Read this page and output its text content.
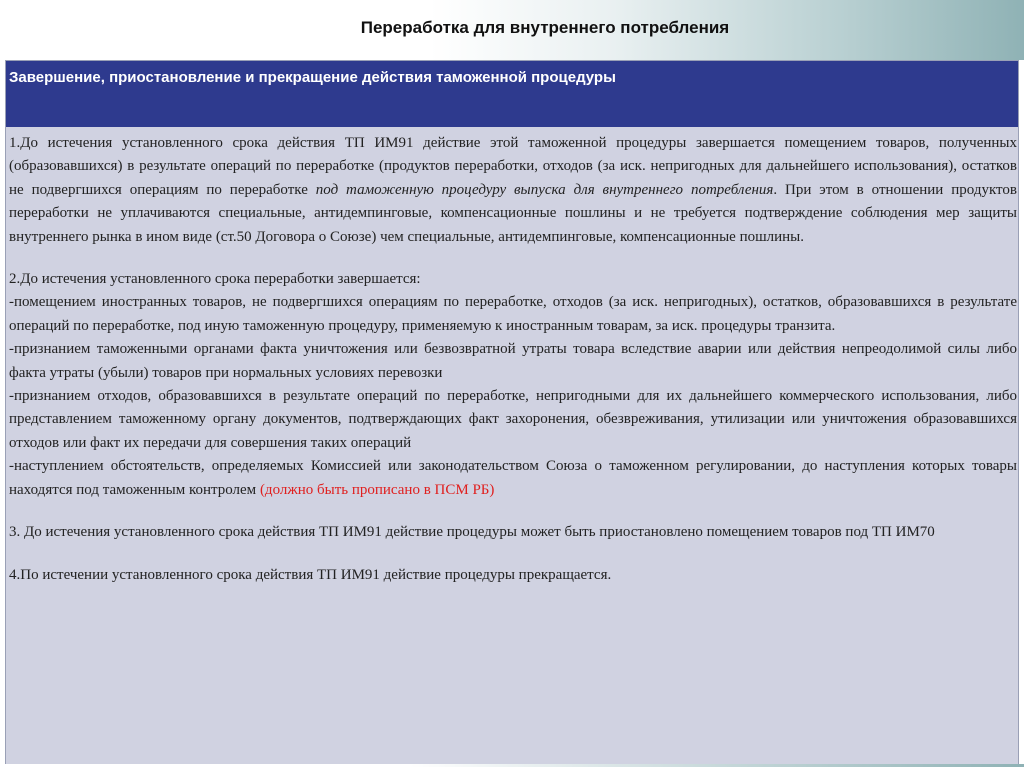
Переработка для внутреннего потребления
Завершение, приостановление и прекращение действия таможенной процедуры

1.До истечения установленного срока действия ТП ИМ91 действие этой таможенной процедуры завершается помещением товаров, полученных (образовавшихся) в результате операций по переработке (продуктов переработки, отходов (за иск. непригодных для дальнейшего использования), остатков не подвергшихся операциям по переработке под таможенную процедуру выпуска для внутреннего потребления. При этом в отношении продуктов переработки не уплачиваются специальные, антидемпинговые, компенсационные пошлины и не требуется подтверждение соблюдения мер защиты внутреннего рынка в ином виде (ст.50 Договора о Союзе) чем специальные, антидемпинговые, компенсационные пошлины.

2.До истечения установленного срока переработки завершается:

-помещением иностранных товаров, не подвергшихся операциям по переработке, отходов (за иск. непригодных), остатков, образовавшихся в результате операций по переработке, под иную таможенную процедуру, применяемую к иностранным товарам, за иск. процедуры транзита.

-признанием таможенными органами факта уничтожения или безвозвратной утраты товара вследствие аварии или действия непреодолимой силы либо факта утраты (убыли) товаров при нормальных условиях перевозки

-признанием отходов, образовавшихся в результате операций по переработке, непригодными для их дальнейшего коммерческого использования, либо представлением таможенному органу документов, подтверждающих факт захоронения, обезвреживания, утилизации или уничтожения образовавшихся отходов или факт их передачи для совершения таких операций

-наступлением обстоятельств, определяемых Комиссией или законодательством Союза о таможенном регулировании, до наступления которых товары находятся под таможенным контролем (должно быть прописано в ПСМ РБ)

3. До истечения установленного срока действия ТП ИМ91 действие процедуры может быть приостановлено помещением товаров под ТП ИМ70

4.По истечении установленного срока действия ТП ИМ91 действие процедуры прекращается.
